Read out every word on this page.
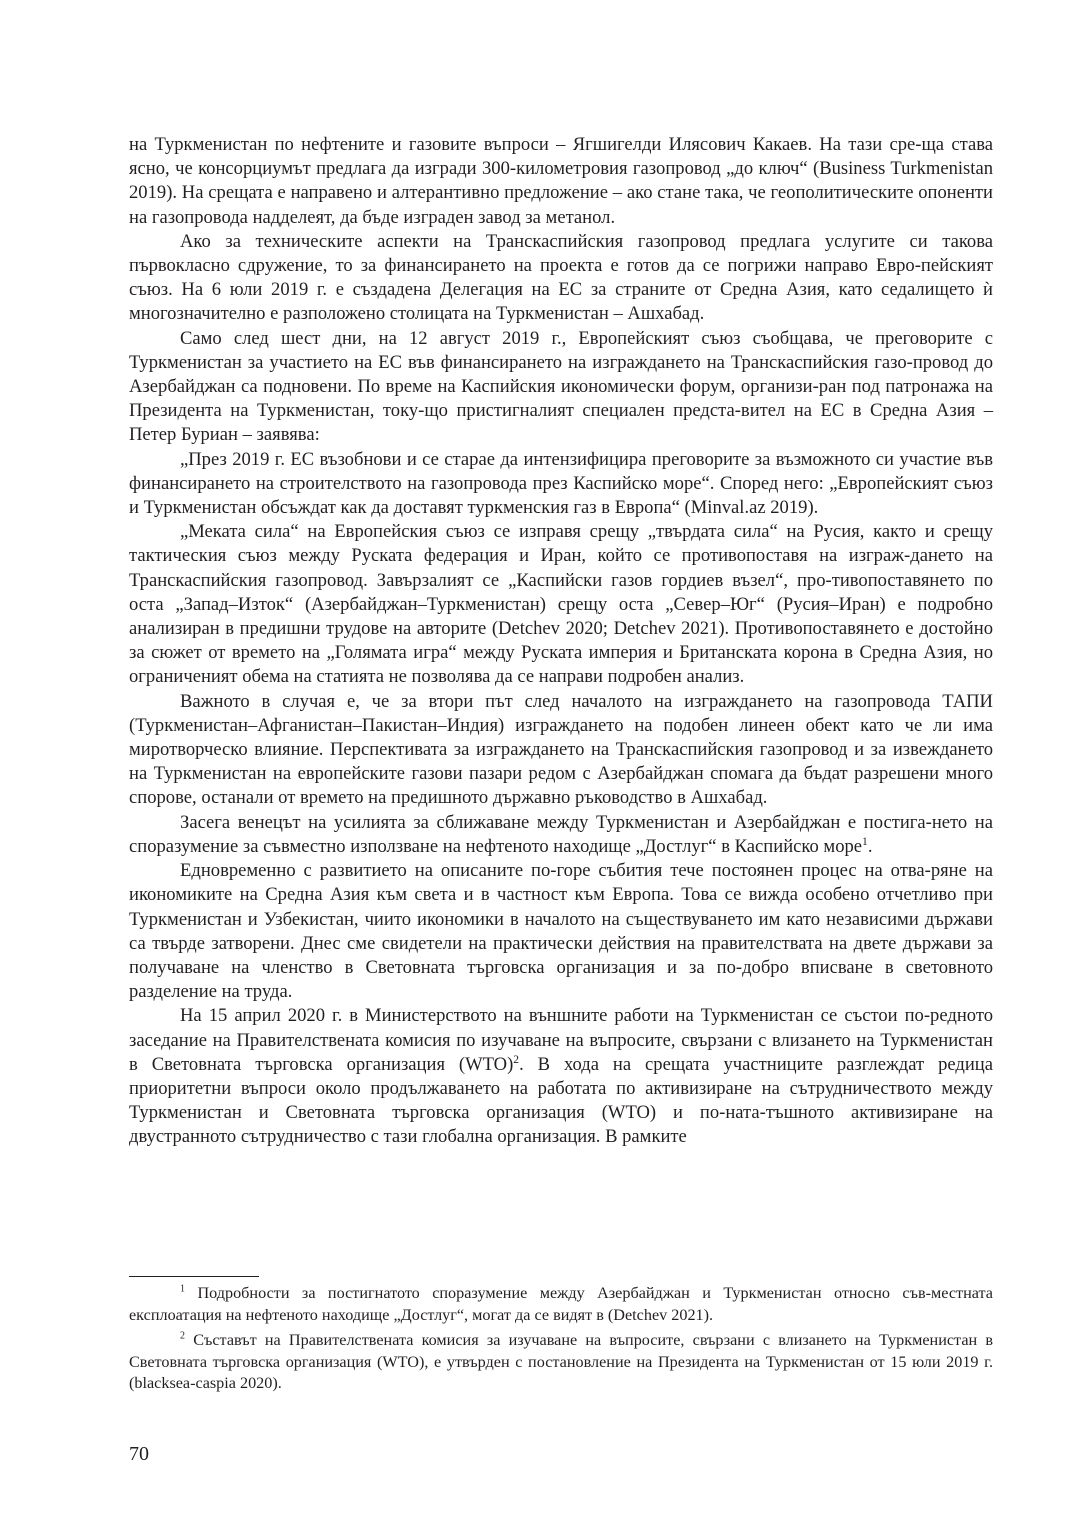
на Туркменистан по нефтените и газовите въпроси – Ягшигелди Илясович Какаев. На тази сре-ща става ясно, че консорциумът предлага да изгради 300-километровия газопровод „до ключ“ (Business Turkmenistan 2019). На срещата е направено и алтерантивно предложение – ако стане така, че геополитическите опоненти на газопровода надделеят, да бъде изграден завод за метанол.

Ако за техническите аспекти на Транскаспийския газопровод предлага услугите си такова първокласно сдружение, то за финансирането на проекта е готов да се погрижи направо Евро-пейският съюз. На 6 юли 2019 г. е създадена Делегация на ЕС за страните от Средна Азия, като седалището ѝ многозначително е разположено столицата на Туркменистан – Ашхабад.

Само след шест дни, на 12 август 2019 г., Европейският съюз съобщава, че преговорите с Туркменистан за участието на ЕС във финансирането на изграждането на Транскаспийския газо-провод до Азербайджан са подновени. По време на Каспийския икономически форум, организи-ран под патронажа на Президента на Туркменистан, току-що пристигналият специален предста-вител на ЕС в Средна Азия – Петер Буриан – заявява:

„През 2019 г. ЕС възобнови и се старае да интензифицира преговорите за възможното си участие във финансирането на строителството на газопровода през Каспийско море“. Според него: „Европейският съюз и Туркменистан обсъждат как да доставят туркменския газ в Европа“ (Minval.az 2019).

„Меката сила“ на Европейския съюз се изправя срещу „твърдата сила“ на Русия, както и срещу тактическия съюз между Руската федерация и Иран, който се противопоставя на изграж-дането на Транскаспийския газопровод. Завързалият се „Каспийски газов гордиев възел“, про-тивопоставянето по оста „Запад–Изток“ (Азербайджан–Туркменистан) срещу оста „Север–Юг“ (Русия–Иран) е подробно анализиран в предишни трудове на авторите (Detchev 2020; Detchev 2021). Противопоставянето е достойно за сюжет от времето на „Голямата игра“ между Руската империя и Британската корона в Средна Азия, но ограниченият обема на статията не позволява да се направи подробен анализ.

Важното в случая е, че за втори път след началото на изграждането на газопровода ТАПИ (Туркменистан–Афганистан–Пакистан–Индия) изграждането на подобен линеен обект като че ли има миротворческо влияние. Перспективата за изграждането на Транскаспийския газопровод и за извеждането на Туркменистан на европейските газови пазари редом с Азербайджан спомага да бъдат разрешени много спорове, останали от времето на предишното държавно ръководство в Ашхабад.

Засега венецът на усилията за сближаване между Туркменистан и Азербайджан е постига-нето на споразумение за съвместно използване на нефтеното находище „Достлуг“ в Каспийско море$^1$.

Едновременно с развитието на описаните по-горе събития тече постоянен процес на отва-ряне на икономиките на Средна Азия към света и в частност към Европа. Това се вижда особено отчетливо при Туркменистан и Узбекистан, чиито икономики в началото на съществуването им като независими държави са твърде затворени. Днес сме свидетели на практически действия на правителствата на двете държави за получаване на членство в Световната търговска организация и за по-добро вписване в световното разделение на труда.

На 15 април 2020 г. в Министерството на външните работи на Туркменистан се състои по-редното заседание на Правителствената комисия по изучаване на въпросите, свързани с влизането на Туркменистан в Световната търговска организация (WTO)$^2$. В хода на срещата участниците разглеждат редица приоритетни въпроси около продължаването на работата по активизиране на сътрудничеството между Туркменистан и Световната търговска организация (WTO) и по-ната-тъшното активизиране на двустранното сътрудничество с тази глобална организация. В рамките

$^1$ Подробности за постигнатото споразумение между Азербайджан и Туркменистан относно съв-местната експлоатация на нефтеното находище „Достлуг“, могат да се видят в (Detchev 2021).

$^2$ Съставът на Правителствената комисия за изучаване на въпросите, свързани с влизането на Туркменистан в Световната търговска организация (WTO), е утвърден с постановление на Президента на Туркменистан от 15 юли 2019 г. (blacksea-caspia 2020).

70
